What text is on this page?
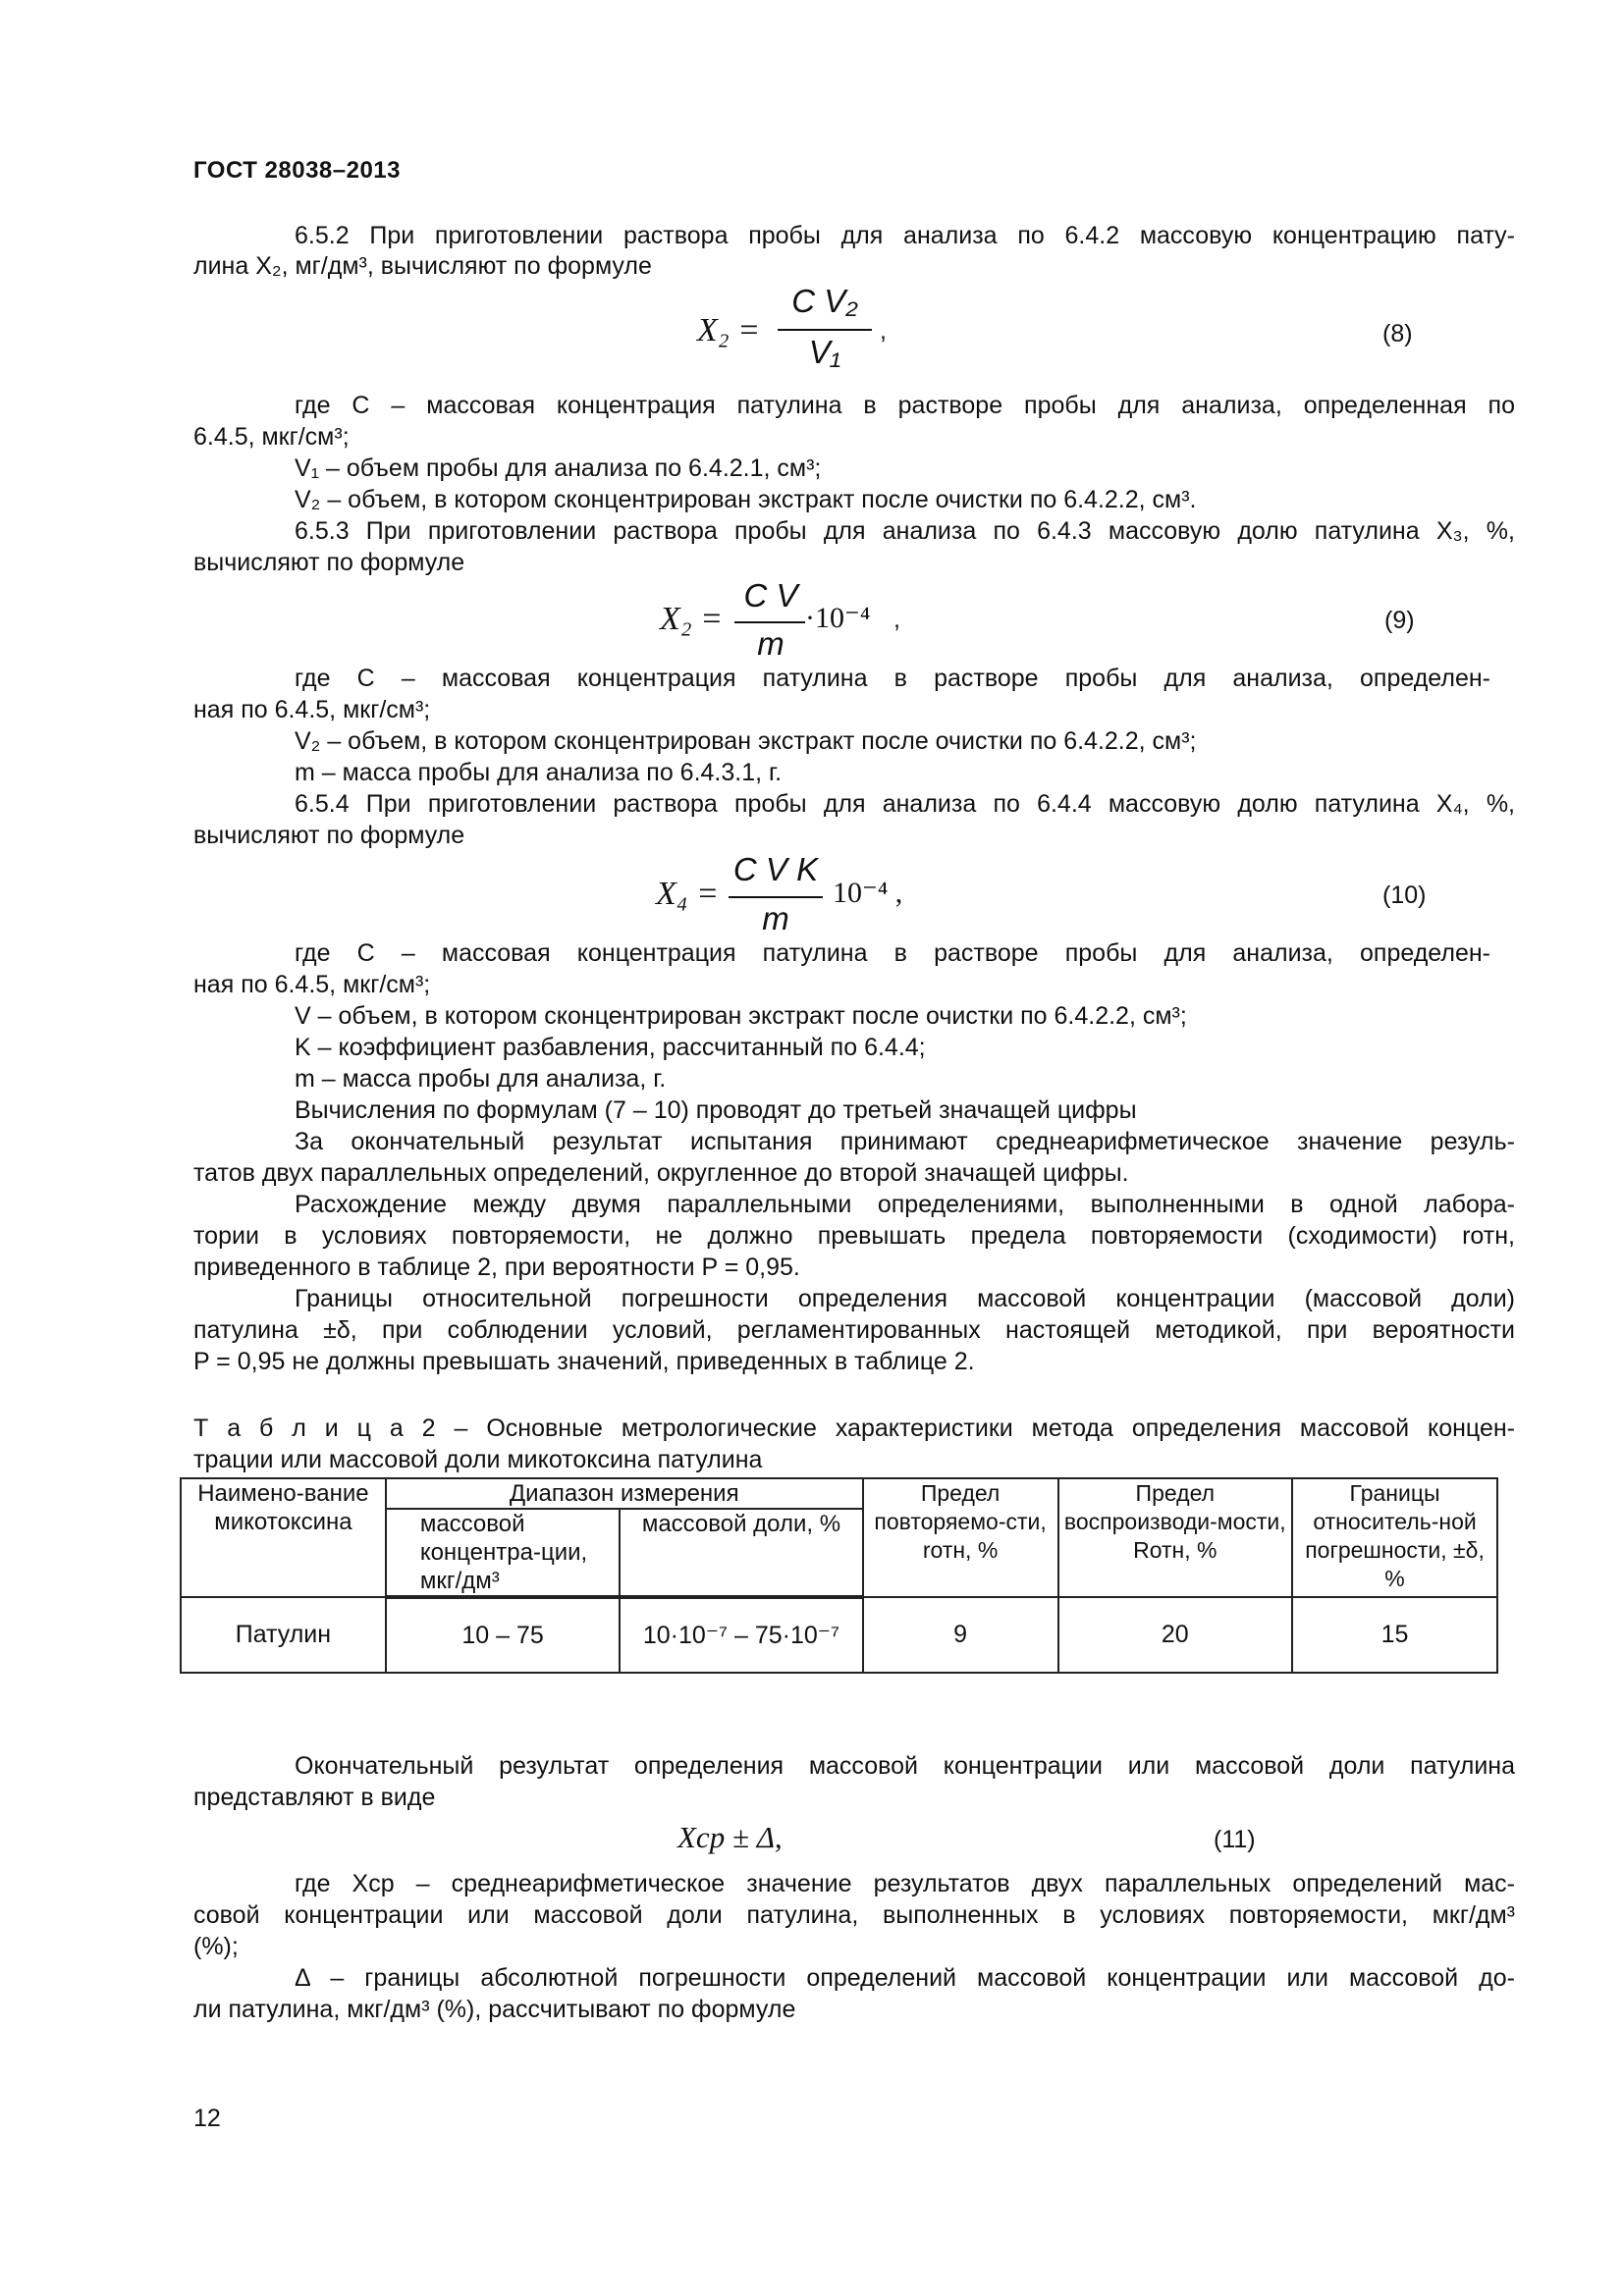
ГОСТ 28038–2013
6.5.2 При приготовлении раствора пробы для анализа по 6.4.2 массовую концентрацию пату-
лина X₂, мг/дм³, вычисляют по формуле
X₂ =
C V₂
V₁
,	(8)
где C – массовая концентрация патулина в растворе пробы для анализа, определенная по
6.4.5, мкг/см³;
V₁ – объем пробы для анализа по 6.4.2.1, см³;
V₂ – объем, в котором сконцентрирован экстракт после очистки по 6.4.2.2, см³.
6.5.3 При приготовлении раствора пробы для анализа по 6.4.3 массовую долю патулина X₃, %,
вычисляют по формуле
X₂ =
C V
m
·10⁻⁴ ,	(9)
где C – массовая концентрация патулина в растворе пробы для анализа, определен-
ная по 6.4.5, мкг/см³;
V₂ – объем, в котором сконцентрирован экстракт после очистки по 6.4.2.2, см³;
m – масса пробы для анализа по 6.4.3.1, г.
6.5.4 При приготовлении раствора пробы для анализа по 6.4.4 массовую долю патулина X₄, %,
вычисляют по формуле
X₄ =
C V K
m
10⁻⁴ ,	(10)
где С – массовая концентрация патулина в растворе пробы для анализа, определен-
ная по 6.4.5, мкг/см³;
V – объем, в котором сконцентрирован экстракт после очистки по 6.4.2.2, см³;
K – коэффициент разбавления, рассчитанный по 6.4.4;
m – масса пробы для анализа, г.
Вычисления по формулам (7 – 10) проводят до третьей значащей цифры
За окончательный результат испытания принимают среднеарифметическое значение резуль-
татов двух параллельных определений, округленное до второй значащей цифры.
Расхождение между двумя параллельными определениями, выполненными в одной лабора-
тории в условиях повторяемости, не должно превышать предела повторяемости (сходимости) rотн,
приведенного в таблице 2, при вероятности P = 0,95.
Границы относительной погрешности определения массовой концентрации (массовой доли)
патулина ±δ, при соблюдении условий, регламентированных настоящей методикой, при вероятности
P = 0,95 не должны превышать значений, приведенных в таблице 2.
Т а б л и ц а 2 – Основные метрологические характеристики метода определения массовой концен-
трации или массовой доли микотоксина патулина
Наимено-вание микотоксина	Диапазон измерения		Предел повторяемо-сти, rотн, %	Предел воспроизводи-мости, Rотн, %	Границы относитель-ной погрешности, ±δ, %
	массовой концентра-ции, мкг/дм³	массовой доли, %			
Патулин	10 – 75	10·10⁻⁷ – 75·10⁻⁷	9	20	15
Окончательный результат определения массовой концентрации или массовой доли патулина
представляют в виде
Xср ± Δ,	(11)
где Xср – среднеарифметическое значение результатов двух параллельных определений мас-
совой концентрации или массовой доли патулина, выполненных в условиях повторяемости, мкг/дм³
(%);
Δ – границы абсолютной погрешности определений массовой концентрации или массовой до-
ли патулина, мкг/дм³ (%), рассчитывают по формуле
12
